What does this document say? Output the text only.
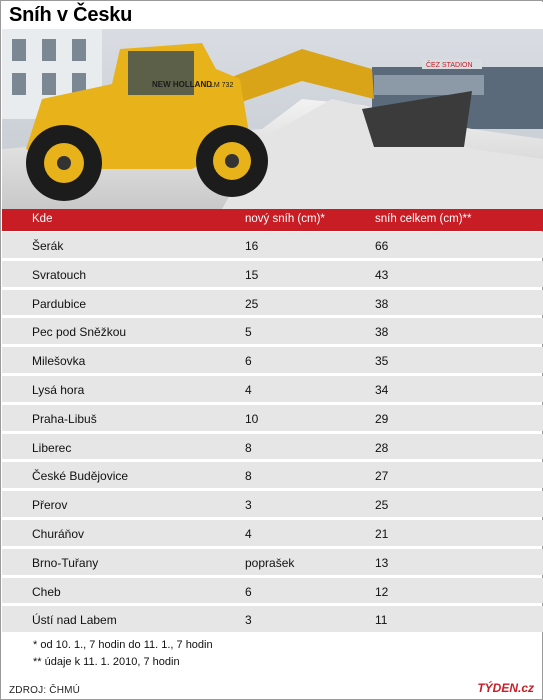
Sníh v Česku
ČEZ STADION
NEW HOLLAND
LM 732
Kde	nový sníh (cm)*	sníh celkem (cm)**
Šerák	16	66
Svratouch	15	43
Pardubice	25	38
Pec pod Sněžkou	5	38
Milešovka	6	35
Lysá hora	4	34
Praha-Libuš	10	29
Liberec	8	28
České Budějovice	8	27
Přerov	3	25
Churáňov	4	21
Brno-Tuřany	poprašek	13
Cheb	6	12
Ústí nad Labem	3	11
* od 10. 1., 7 hodin do 11. 1., 7 hodin
** údaje k 11. 1. 2010, 7 hodin
ZDROJ: ČHMÚ	TÝDEN.cz
